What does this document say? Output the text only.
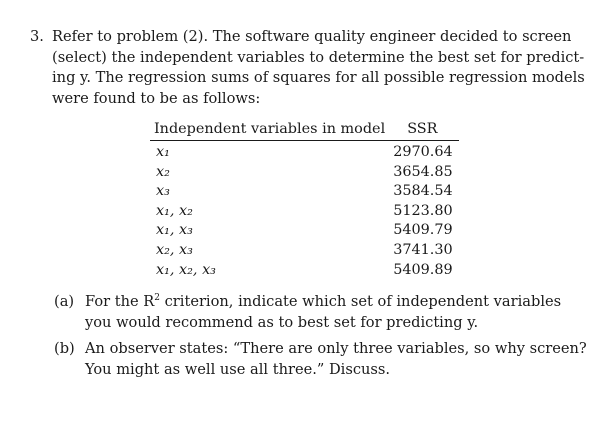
3. Refer to problem (2). The software quality engineer decided to screen
(select) the independent variables to determine the best set for predict-
ing y. The regression sums of squares for all possible regression models
were found to be as follows:
Independent variables in model	SSR
x₁	2970.64
x₂	3654.85
x₃	3584.54
x₁, x₂	5123.80
x₁, x₃	5409.79
x₂, x₃	3741.30
x₁, x₂, x₃	5409.89
(a) For the $R^2$ criterion, indicate which set of independent variables
you would recommend as to best set for predicting y.
(b) An observer states: “There are only three variables, so why screen?
You might as well use all three.” Discuss.
